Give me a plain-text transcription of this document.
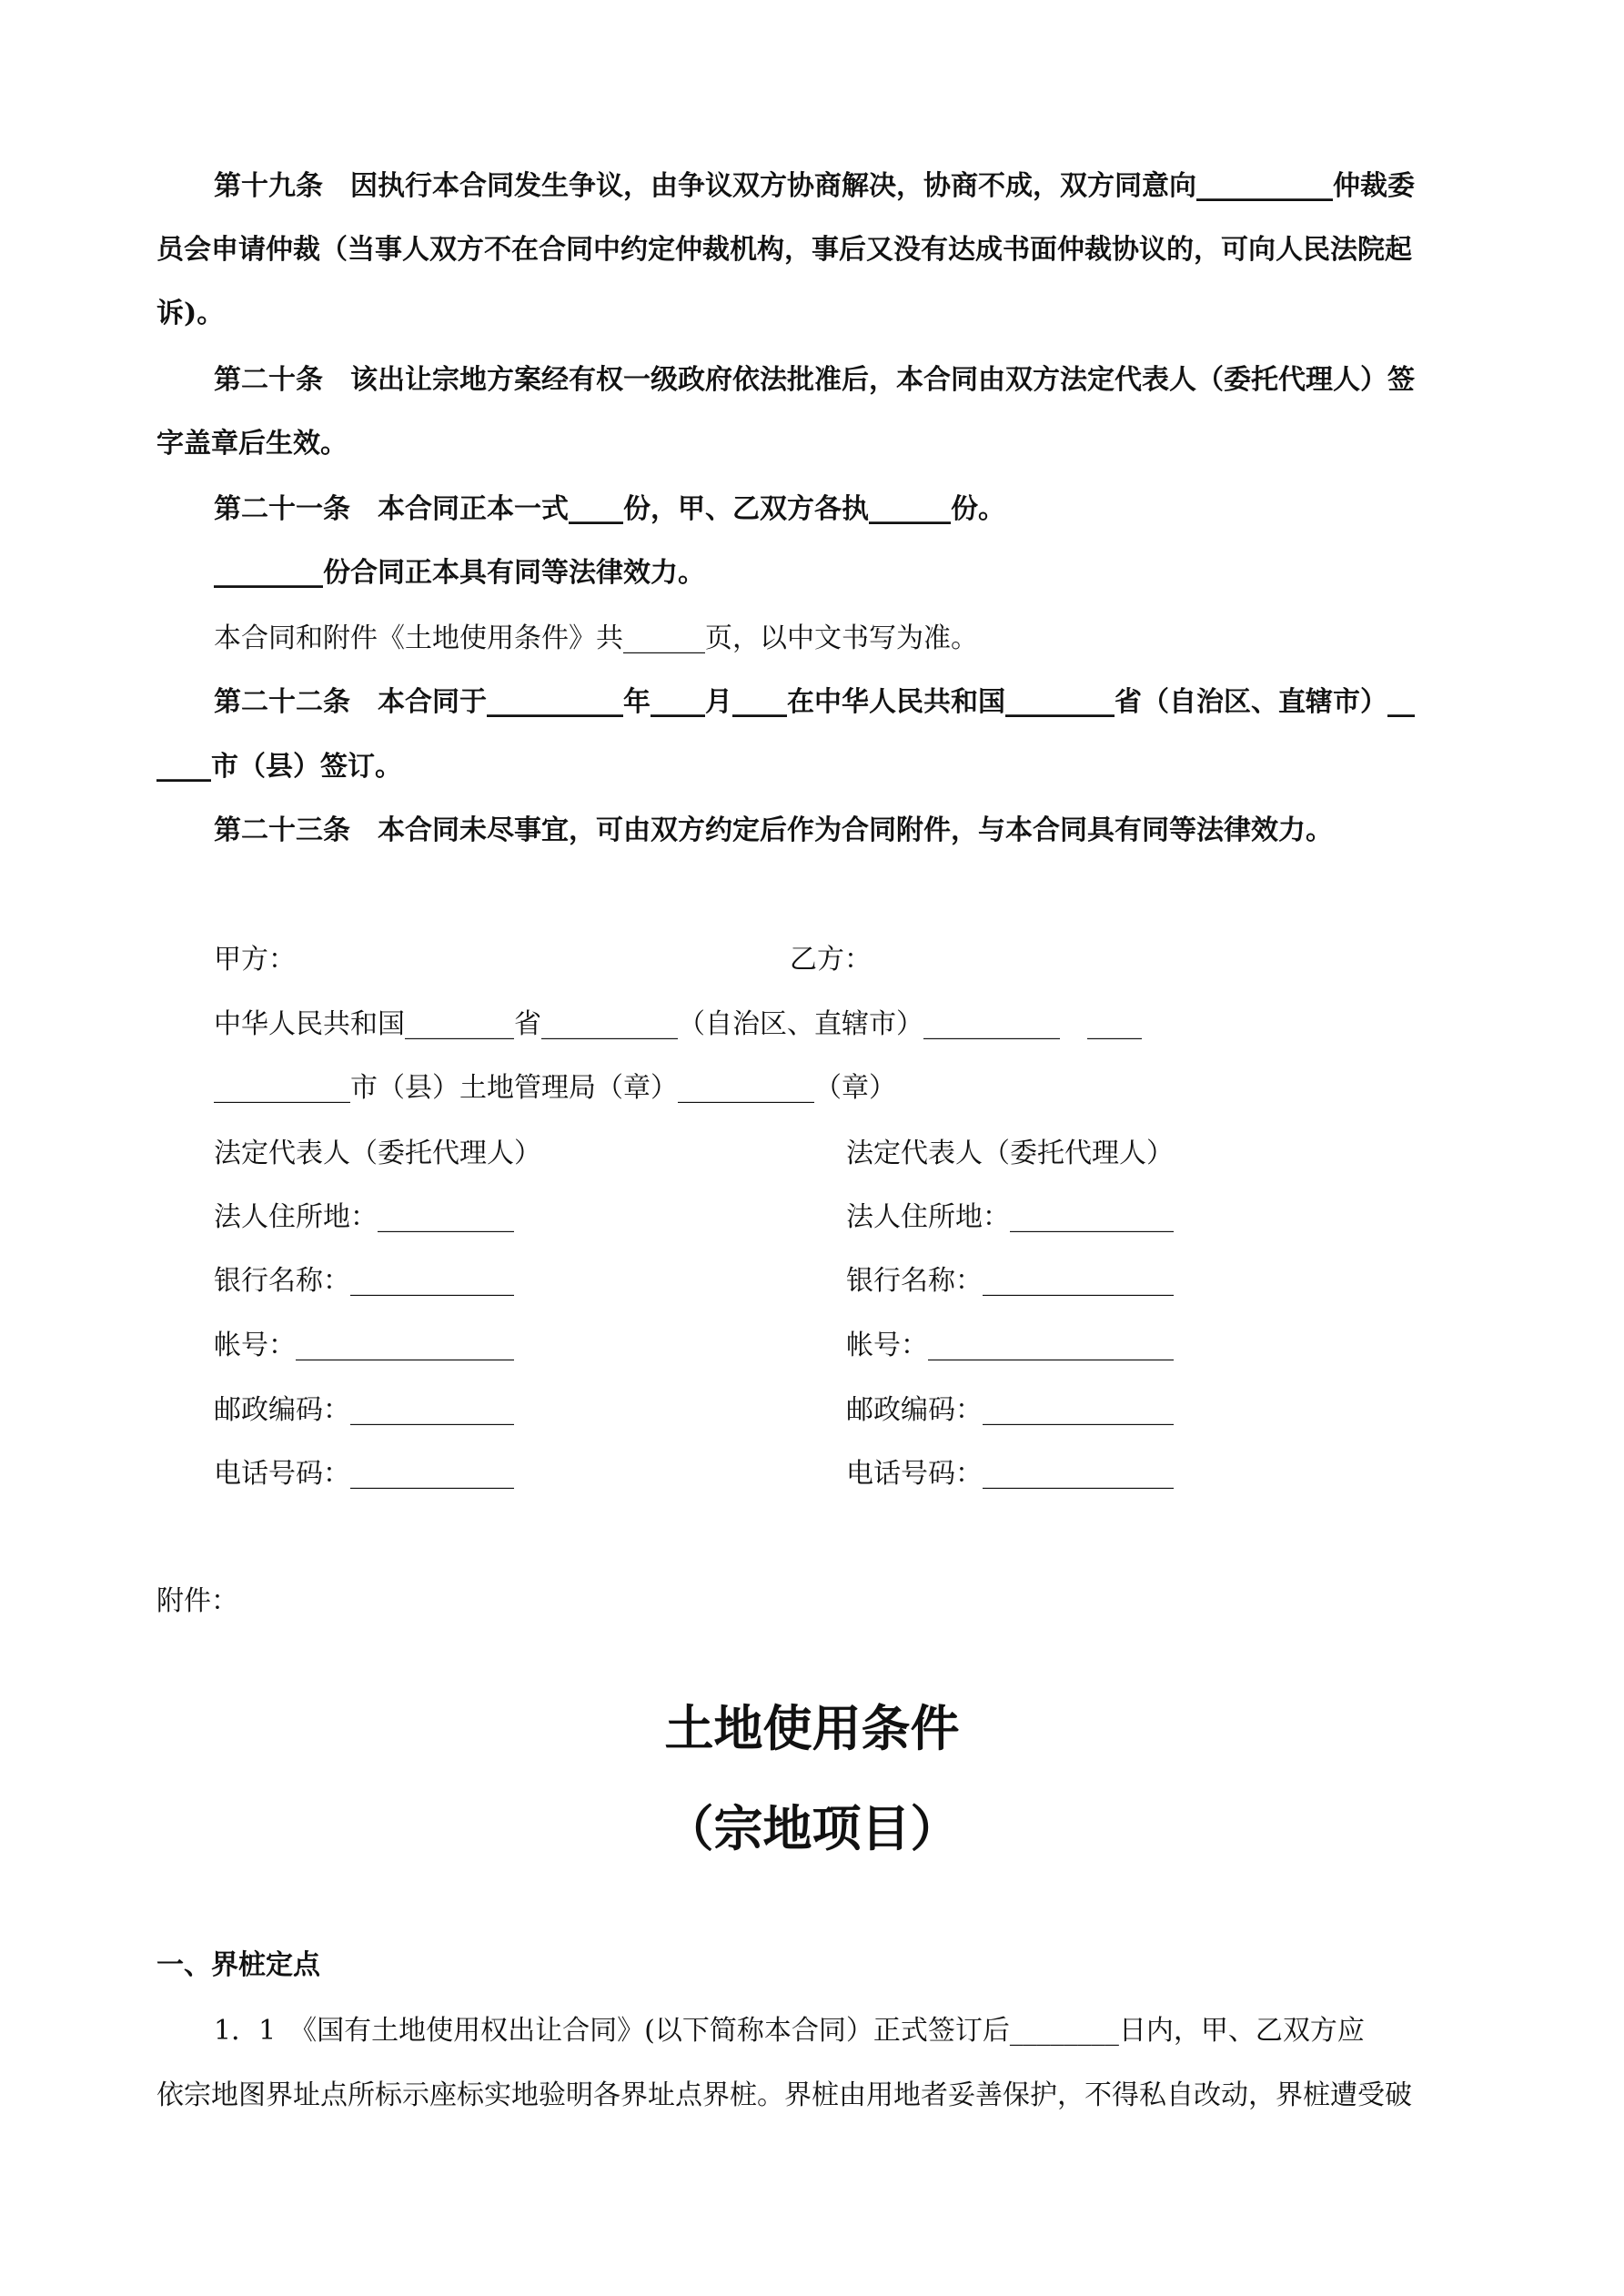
第十九条　因执行本合同发生争议，由争议双方协商解决，协商不成，双方同意向__________仲裁委
员会申请仲裁（当事人双方不在合同中约定仲裁机构，事后又没有达成书面仲裁协议的，可向人民法院起
诉)。
第二十条　该出让宗地方案经有权一级政府依法批准后，本合同由双方法定代表人（委托代理人）签
字盖章后生效。
第二十一条　本合同正本一式____份，甲、乙双方各执______份。
________份合同正本具有同等法律效力。
本合同和附件《土地使用条件》共______页，以中文书写为准。
第二十二条　本合同于__________年____月____在中华人民共和国________省（自治区、直辖市）__
____市（县）签订。
第二十三条　本合同未尽事宜，可由双方约定后作为合同附件，与本合同具有同等法律效力。
甲方：	乙方：
中华人民共和国________省__________（自治区、直辖市）__________　____
__________市（县）土地管理局（章）__________（章）
法定代表人（委托代理人）	法定代表人（委托代理人）
法人住所地：__________	法人住所地：____________
银行名称：____________	银行名称：______________
帐号：________________	帐号：__________________
邮政编码：____________	邮政编码：______________
电话号码：____________	电话号码：______________
附件：
土地使用条件
（宗地项目）
一、界桩定点
1．1　《国有土地使用权出让合同》(以下简称本合同）正式签订后________日内，甲、乙双方应
依宗地图界址点所标示座标实地验明各界址点界桩。界桩由用地者妥善保护，不得私自改动，界桩遭受破
